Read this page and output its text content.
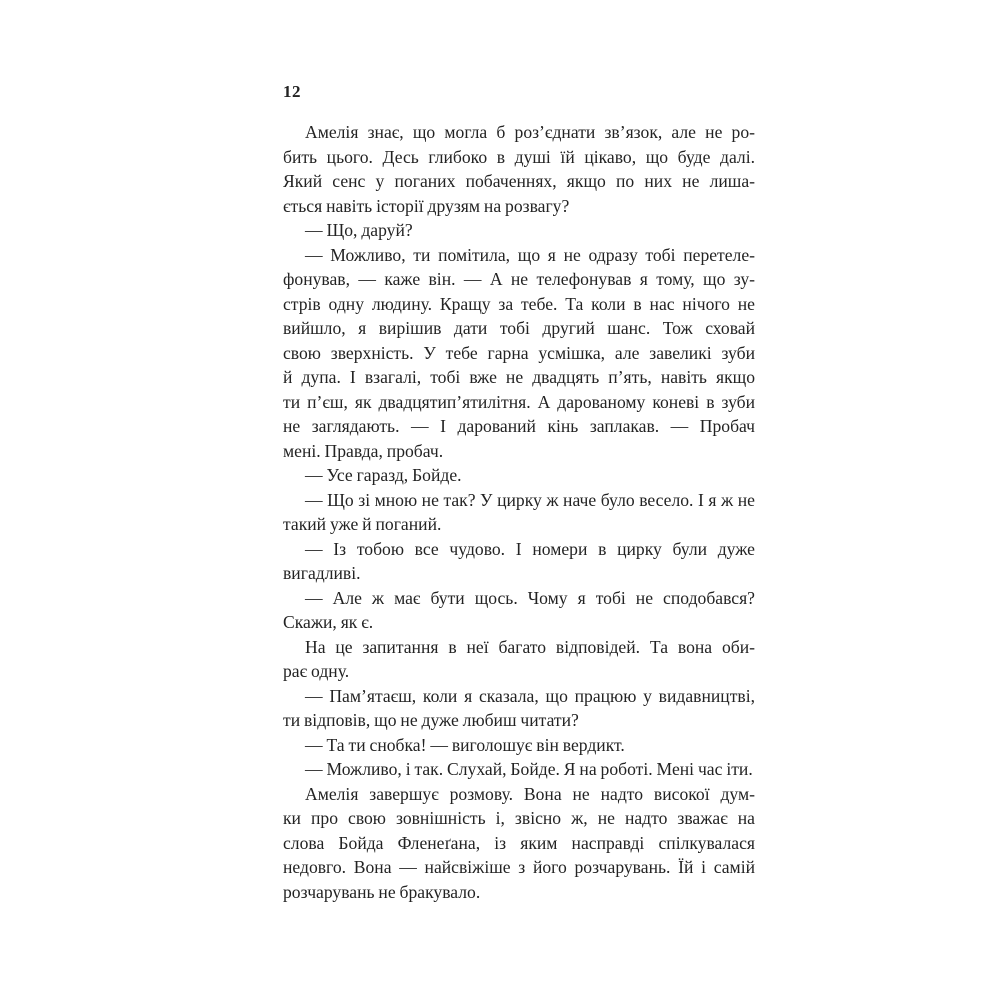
12
Амелія знає, що могла б роз’єднати зв’язок, але не ро-
бить цього. Десь глибоко в душі їй цікаво, що буде далі.
Який сенс у поганих побаченнях, якщо по них не лиша-
ється навіть історії друзям на розвагу?
— Що, даруй?
— Можливо, ти помітила, що я не одразу тобі перетеле-
фонував, — каже він. — А не телефонував я тому, що зу-
стрів одну людину. Кращу за тебе. Та коли в нас нічого не
вийшло, я вирішив дати тобі другий шанс. Тож сховай
свою зверхність. У тебе гарна усмішка, але завеликі зуби
й дупа. І взагалі, тобі вже не двадцять п’ять, навіть якщо
ти п’єш, як двадцятип’ятилітня. А дарованому коневі в зуби
не заглядають. — І дарований кінь заплакав. — Пробач
мені. Правда, пробач.
— Усе гаразд, Бойде.
— Що зі мною не так? У цирку ж наче було весело. І я ж не
такий уже й поганий.
— Із тобою все чудово. І номери в цирку були дуже
вигадливі.
— Але ж має бути щось. Чому я тобі не сподобався?
Скажи, як є.
На це запитання в неї багато відповідей. Та вона оби-
рає одну.
— Пам’ятаєш, коли я сказала, що працюю у видавництві,
ти відповів, що не дуже любиш читати?
— Та ти снобка! — виголошує він вердикт.
— Можливо, і так. Слухай, Бойде. Я на роботі. Мені час іти.
Амелія завершує розмову. Вона не надто високої дум-
ки про свою зовнішність і, звісно ж, не надто зважає на
слова Бойда Фленеґана, із яким насправді спілкувалася
недовго. Вона — найсвіжіше з його розчарувань. Їй і самій
розчарувань не бракувало.
